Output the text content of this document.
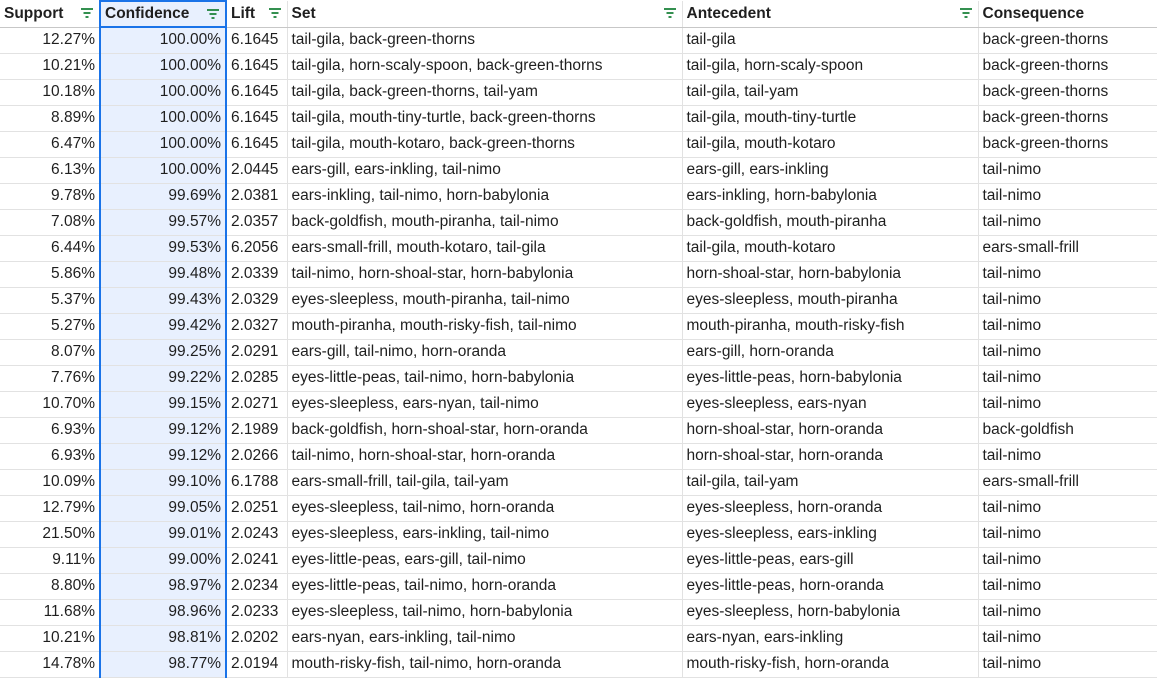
Support	Confidence	Lift	Set	Antecedent	Consequence
12.27%	100.00%	6.1645	tail-gila, back-green-thorns	tail-gila	back-green-thorns
10.21%	100.00%	6.1645	tail-gila, horn-scaly-spoon, back-green-thorns	tail-gila, horn-scaly-spoon	back-green-thorns
10.18%	100.00%	6.1645	tail-gila, back-green-thorns, tail-yam	tail-gila, tail-yam	back-green-thorns
8.89%	100.00%	6.1645	tail-gila, mouth-tiny-turtle, back-green-thorns	tail-gila, mouth-tiny-turtle	back-green-thorns
6.47%	100.00%	6.1645	tail-gila, mouth-kotaro, back-green-thorns	tail-gila, mouth-kotaro	back-green-thorns
6.13%	100.00%	2.0445	ears-gill, ears-inkling, tail-nimo	ears-gill, ears-inkling	tail-nimo
9.78%	99.69%	2.0381	ears-inkling, tail-nimo, horn-babylonia	ears-inkling, horn-babylonia	tail-nimo
7.08%	99.57%	2.0357	back-goldfish, mouth-piranha, tail-nimo	back-goldfish, mouth-piranha	tail-nimo
6.44%	99.53%	6.2056	ears-small-frill, mouth-kotaro, tail-gila	tail-gila, mouth-kotaro	ears-small-frill
5.86%	99.48%	2.0339	tail-nimo, horn-shoal-star, horn-babylonia	horn-shoal-star, horn-babylonia	tail-nimo
5.37%	99.43%	2.0329	eyes-sleepless, mouth-piranha, tail-nimo	eyes-sleepless, mouth-piranha	tail-nimo
5.27%	99.42%	2.0327	mouth-piranha, mouth-risky-fish, tail-nimo	mouth-piranha, mouth-risky-fish	tail-nimo
8.07%	99.25%	2.0291	ears-gill, tail-nimo, horn-oranda	ears-gill, horn-oranda	tail-nimo
7.76%	99.22%	2.0285	eyes-little-peas, tail-nimo, horn-babylonia	eyes-little-peas, horn-babylonia	tail-nimo
10.70%	99.15%	2.0271	eyes-sleepless, ears-nyan, tail-nimo	eyes-sleepless, ears-nyan	tail-nimo
6.93%	99.12%	2.1989	back-goldfish, horn-shoal-star, horn-oranda	horn-shoal-star, horn-oranda	back-goldfish
6.93%	99.12%	2.0266	tail-nimo, horn-shoal-star, horn-oranda	horn-shoal-star, horn-oranda	tail-nimo
10.09%	99.10%	6.1788	ears-small-frill, tail-gila, tail-yam	tail-gila, tail-yam	ears-small-frill
12.79%	99.05%	2.0251	eyes-sleepless, tail-nimo, horn-oranda	eyes-sleepless, horn-oranda	tail-nimo
21.50%	99.01%	2.0243	eyes-sleepless, ears-inkling, tail-nimo	eyes-sleepless, ears-inkling	tail-nimo
9.11%	99.00%	2.0241	eyes-little-peas, ears-gill, tail-nimo	eyes-little-peas, ears-gill	tail-nimo
8.80%	98.97%	2.0234	eyes-little-peas, tail-nimo, horn-oranda	eyes-little-peas, horn-oranda	tail-nimo
11.68%	98.96%	2.0233	eyes-sleepless, tail-nimo, horn-babylonia	eyes-sleepless, horn-babylonia	tail-nimo
10.21%	98.81%	2.0202	ears-nyan, ears-inkling, tail-nimo	ears-nyan, ears-inkling	tail-nimo
14.78%	98.77%	2.0194	mouth-risky-fish, tail-nimo, horn-oranda	mouth-risky-fish, horn-oranda	tail-nimo
